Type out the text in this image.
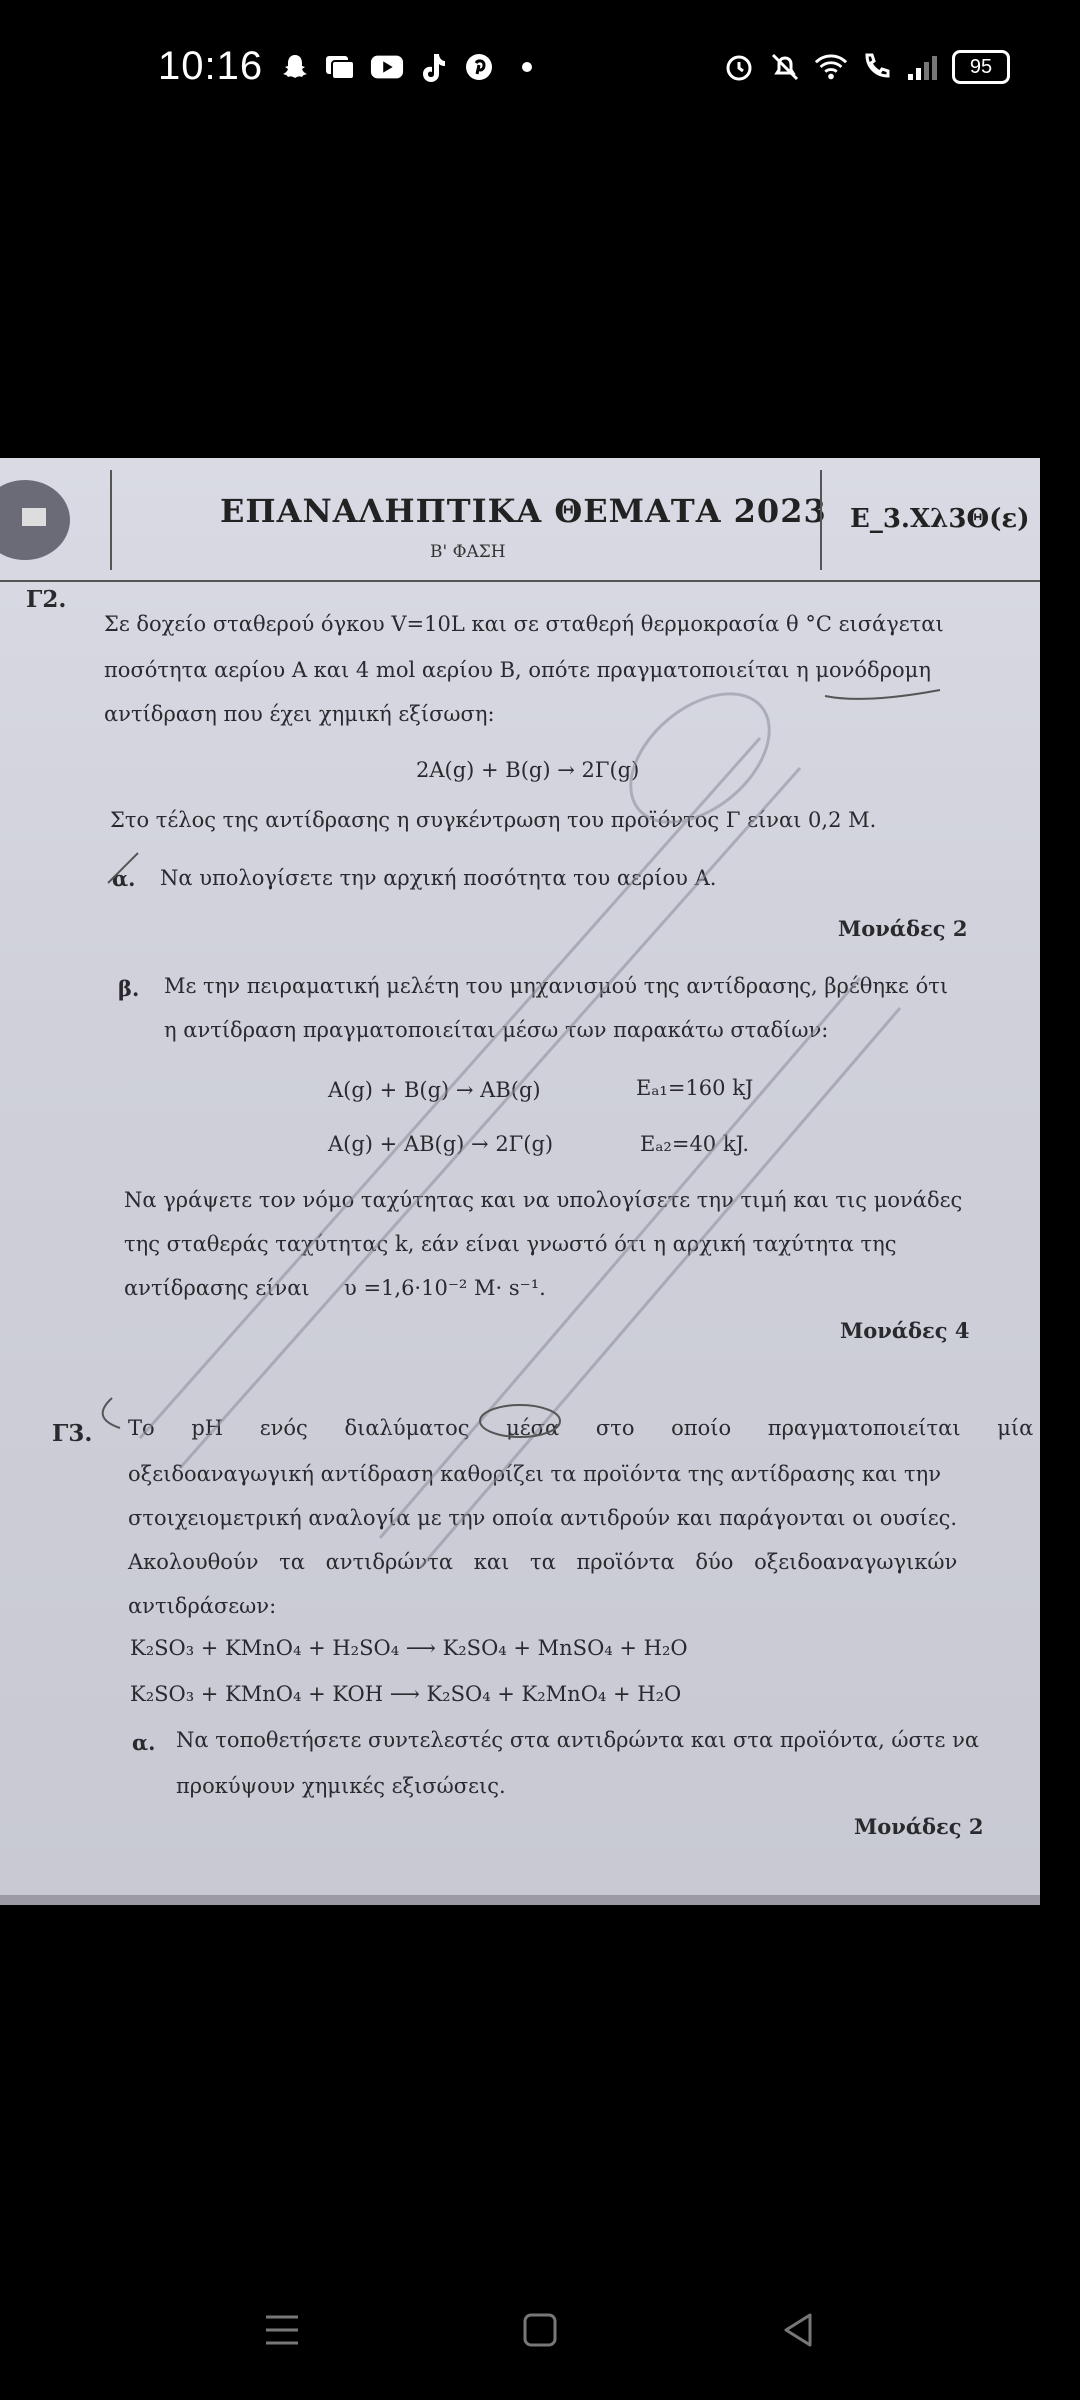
10:16	95
ΕΠΑΝΑΛΗΠΤΙΚΑ ΘΕΜΑΤΑ 2023
Β' ΦΑΣΗ
Ε_3.Χλ3Θ(ε)
Γ2.
Σε δοχείο σταθερού όγκου V=10L και σε σταθερή θερμοκρασία θ °C εισάγεται
ποσότητα αερίου Α και 4 mol αερίου Β, οπότε πραγματοποιείται η μονόδρομη
αντίδραση που έχει χημική εξίσωση:
2A(g) + B(g) → 2Γ(g)
Στο τέλος της αντίδρασης η συγκέντρωση του προϊόντος Γ είναι 0,2 Μ.
α. Να υπολογίσετε την αρχική ποσότητα του αερίου Α.
Μονάδες 2
β. Με την πειραματική μελέτη του μηχανισμού της αντίδρασης, βρέθηκε ότι
η αντίδραση πραγματοποιείται μέσω των παρακάτω σταδίων:
A(g) + B(g) → AB(g)	Εₐ₁=160 kJ
A(g) + AB(g) → 2Γ(g)	Εₐ₂=40 kJ.
Να γράψετε τον νόμο ταχύτητας και να υπολογίσετε την τιμή και τις μονάδες
της σταθεράς ταχύτητας k, εάν είναι γνωστό ότι η αρχική ταχύτητα της
αντίδρασης είναι υ =1,6·10⁻² M· s⁻¹.
Μονάδες 4
Γ3. Το pH ενός διαλύματος μέσα στο οποίο πραγματοποιείται μία
οξειδοαναγωγική αντίδραση καθορίζει τα προϊόντα της αντίδρασης και την
στοιχειομετρική αναλογία με την οποία αντιδρούν και παράγονται οι ουσίες.
Ακολουθούν τα αντιδρώντα και τα προϊόντα δύο οξειδοαναγωγικών
αντιδράσεων:
K₂SO₃ + KMnO₄ + H₂SO₄ ⟶ K₂SO₄ + MnSO₄ + H₂O
K₂SO₃ + KMnO₄ + KOH ⟶ K₂SO₄ + K₂MnO₄ + H₂O
α. Να τοποθετήσετε συντελεστές στα αντιδρώντα και στα προϊόντα, ώστε να
προκύψουν χημικές εξισώσεις.
Μονάδες 2
